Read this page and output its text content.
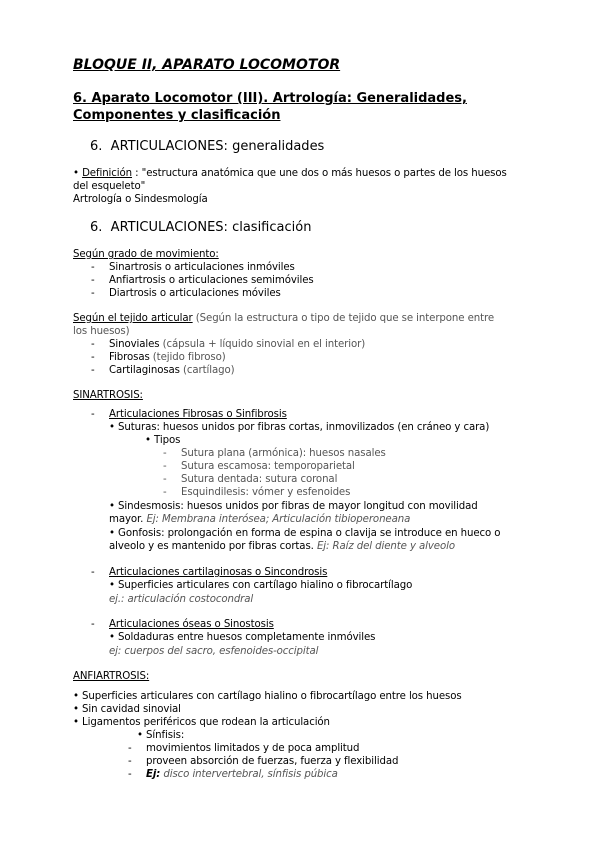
BLOQUE II, APARATO LOCOMOTOR
6. Aparato Locomotor (III). Artrología: Generalidades,
Componentes y clasificación
6. ARTICULACIONES: generalidades
• Definición : "estructura anatómica que une dos o más huesos o partes de los huesos
del esqueleto"
Artrología o Sindesmología
6. ARTICULACIONES: clasificación
Según grado de movimiento:
- Sinartrosis o articulaciones inmóviles
- Anfiartrosis o articulaciones semimóviles
- Diartrosis o articulaciones móviles
Según el tejido articular (Según la estructura o tipo de tejido que se interpone entre
los huesos)
- Sinoviales (cápsula + líquido sinovial en el interior)
- Fibrosas (tejido fibroso)
- Cartilaginosas (cartílago)
SINARTROSIS:
- Articulaciones Fibrosas o Sinfibrosis
• Suturas: huesos unidos por fibras cortas, inmovilizados (en cráneo y cara)
• Tipos
- Sutura plana (armónica): huesos nasales
- Sutura escamosa: temporoparietal
- Sutura dentada: sutura coronal
- Esquindilesis: vómer y esfenoides
• Sindesmosis: huesos unidos por fibras de mayor longitud con movilidad
mayor. Ej: Membrana interósea; Articulación tibioperoneana
• Gonfosis: prolongación en forma de espina o clavija se introduce en hueco o
alveolo y es mantenido por fibras cortas. Ej: Raíz del diente y alveolo
- Articulaciones cartilaginosas o Sincondrosis
• Superficies articulares con cartílago hialino o fibrocartílago
ej.: articulación costocondral
- Articulaciones óseas o Sinostosis
• Soldaduras entre huesos completamente inmóviles
ej: cuerpos del sacro, esfenoides-occipital
ANFIARTROSIS:
• Superficies articulares con cartílago hialino o fibrocartílago entre los huesos
• Sin cavidad sinovial
• Ligamentos periféricos que rodean la articulación
• Sínfisis:
- movimientos limitados y de poca amplitud
- proveen absorción de fuerzas, fuerza y flexibilidad
- Ej: disco intervertebral, sínfisis púbica
